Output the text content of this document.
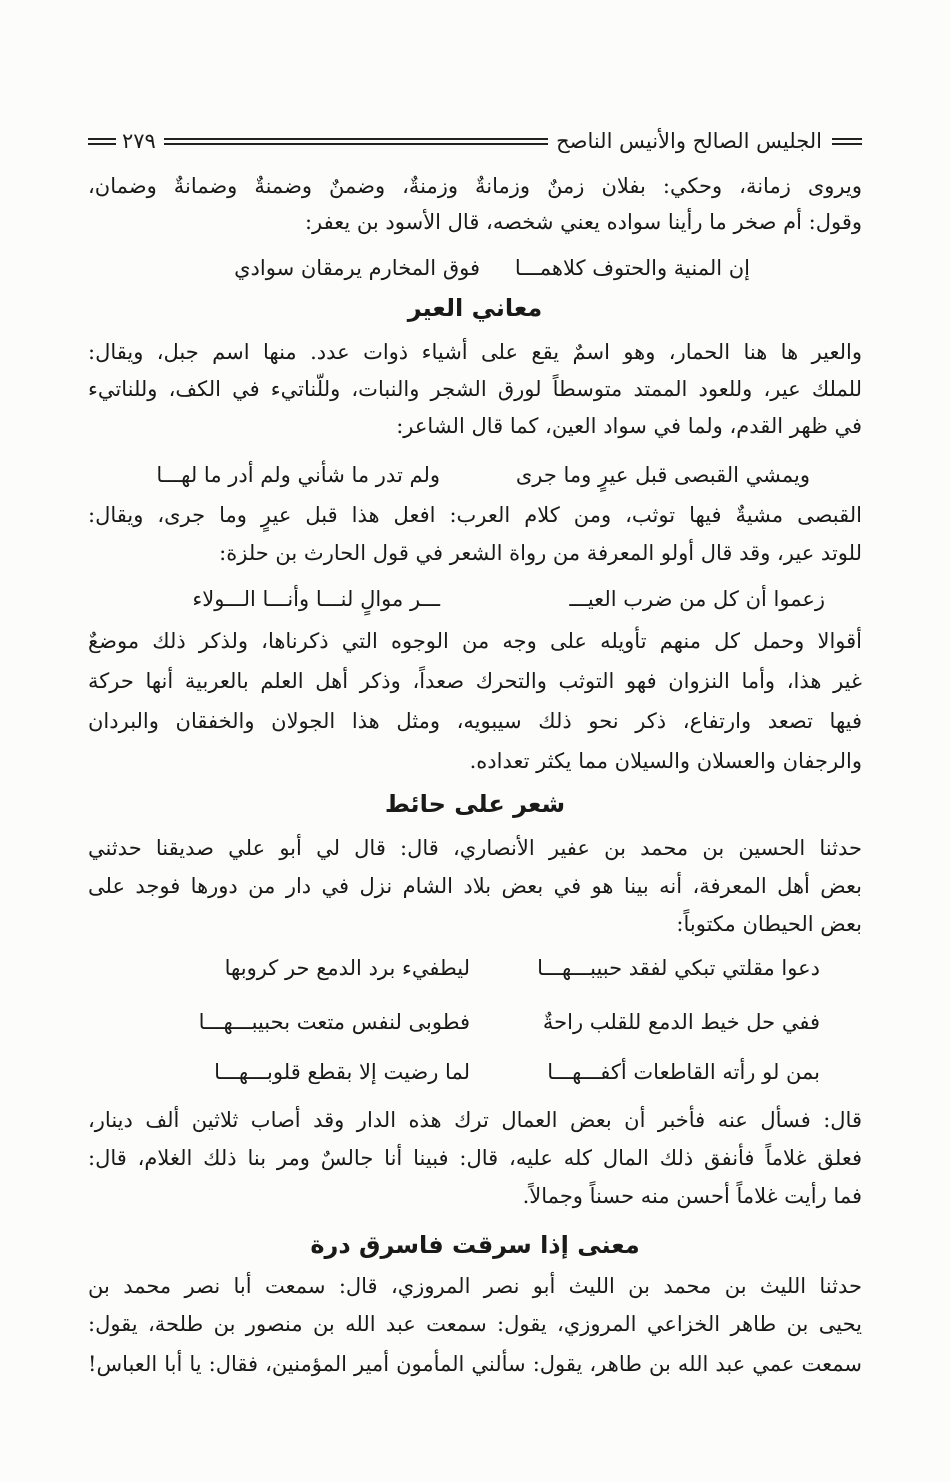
الجليس الصالح والأنيس الناصح
٢٧٩
ويروى زمانة، وحكي: بفلان زمنٌ وزمانةٌ وزمنةٌ، وضمنٌ وضمنةٌ وضمانةٌ وضمان،
وقول: أم صخر ما رأينا سواده يعني شخصه، قال الأسود بن يعفر:
إن المنية والحتوف كلاهمـــا
فوق المخارم يرمقان سوادي
معاني العير
والعير ها هنا الحمار، وهو اسمٌ يقع على أشياء ذوات عدد. منها اسم جبل، ويقال:
للملك عير، وللعود الممتد متوسطاً لورق الشجر والنبات، وللّناتيء في الكف، وللناتيء
في ظهر القدم، ولما في سواد العين، كما قال الشاعر:
ويمشي القبصى قبل عيرٍ وما جرى
ولم تدر ما شأني ولم أدر ما لهـــا
القبصى مشيةٌ فيها توثب، ومن كلام العرب: افعل هذا قبل عيرٍ وما جرى، ويقال:
للوتد عير، وقد قال أولو المعرفة من رواة الشعر في قول الحارث بن حلزة:
زعموا أن كل من ضرب العيـــ
ـــر موالٍ لنـــا وأنـــا الـــولاء
أقوالا وحمل كل منهم تأويله على وجه من الوجوه التي ذكرناها، ولذكر ذلك موضعٌ
غير هذا، وأما النزوان فهو التوثب والتحرك صعداً، وذكر أهل العلم بالعربية أنها حركة
فيها تصعد وارتفاع، ذكر نحو ذلك سيبويه، ومثل هذا الجولان والخفقان والبردان
والرجفان والعسلان والسيلان مما يكثر تعداده.
شعر على حائط
حدثنا الحسين بن محمد بن عفير الأنصاري، قال: قال لي أبو علي صديقنا حدثني
بعض أهل المعرفة، أنه بينا هو في بعض بلاد الشام نزل في دار من دورها فوجد على
بعض الحيطان مكتوباً:
دعوا مقلتي تبكي لفقد حبيبـــهـــا
ليطفيء برد الدمع حر كروبها
ففي حل خيط الدمع للقلب راحةٌ
فطوبى لنفس متعت بحبيبـــهـــا
بمن لو رأته القاطعات أكفـــهـــا
لما رضيت إلا بقطع قلوبـــهـــا
قال: فسأل عنه فأخبر أن بعض العمال ترك هذه الدار وقد أصاب ثلاثين ألف دينار،
فعلق غلاماً فأنفق ذلك المال كله عليه، قال: فبينا أنا جالسٌ ومر بنا ذلك الغلام، قال:
فما رأيت غلاماً أحسن منه حسناً وجمالاً.
معنى إذا سرقت فاسرق درة
حدثنا الليث بن محمد بن الليث أبو نصر المروزي، قال: سمعت أبا نصر محمد بن
يحيى بن طاهر الخزاعي المروزي، يقول: سمعت عبد الله بن منصور بن طلحة، يقول:
سمعت عمي عبد الله بن طاهر، يقول: سألني المأمون أمير المؤمنين، فقال: يا أبا العباس!
